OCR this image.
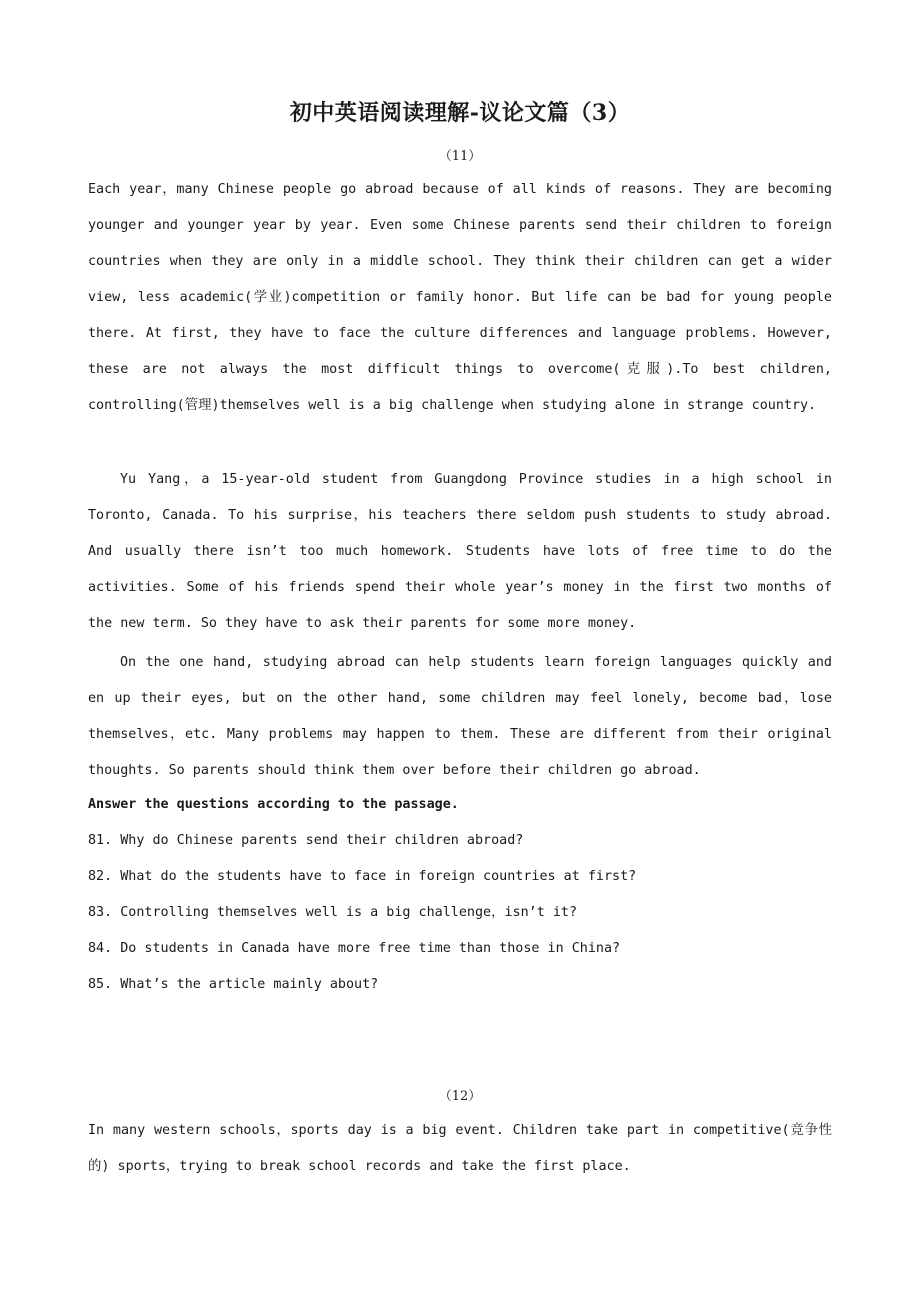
初中英语阅读理解-议论文篇（3）
（11）

Each year，many Chinese people go abroad because of all kinds of reasons. They are becoming younger and younger year by year. Even some Chinese parents send their children to foreign countries when they are only in a middle school. They think their children can get a wider view, less academic(学业)competition or family honor. But life can be bad for young people there. At first, they have to face the culture differences and language problems. However, these are not always the most difficult things to overcome(克服).To best children, controlling(管理)themselves well is a big challenge when studying alone in strange country.

Yu Yang，a 15-year-old student from Guangdong Province studies in a high school in Toronto, Canada. To his surprise，his teachers there seldom push students to study abroad. And usually there isn’t too much homework. Students have lots of free time to do the activities. Some of his friends spend their whole year’s money in the first two months of the new term. So they have to ask their parents for some more money.

On the one hand, studying abroad can help students learn foreign languages quickly and en up their eyes, but on the other hand, some children may feel lonely, become bad，lose themselves，etc. Many problems may happen to them. These are different from their original thoughts. So parents should think them over before their children go abroad.

Answer the questions according to the passage.
81. Why do Chinese parents send their children abroad?
82. What do the students have to face in foreign countries at first?
83. Controlling themselves well is a big challenge，isn’t it?
84. Do students in Canada have more free time than those in China?
85. What’s the article mainly about?
（12）

In many western schools，sports day is a big event. Children take part in competitive(竞争性的) sports，trying to break school records and take the first place.
